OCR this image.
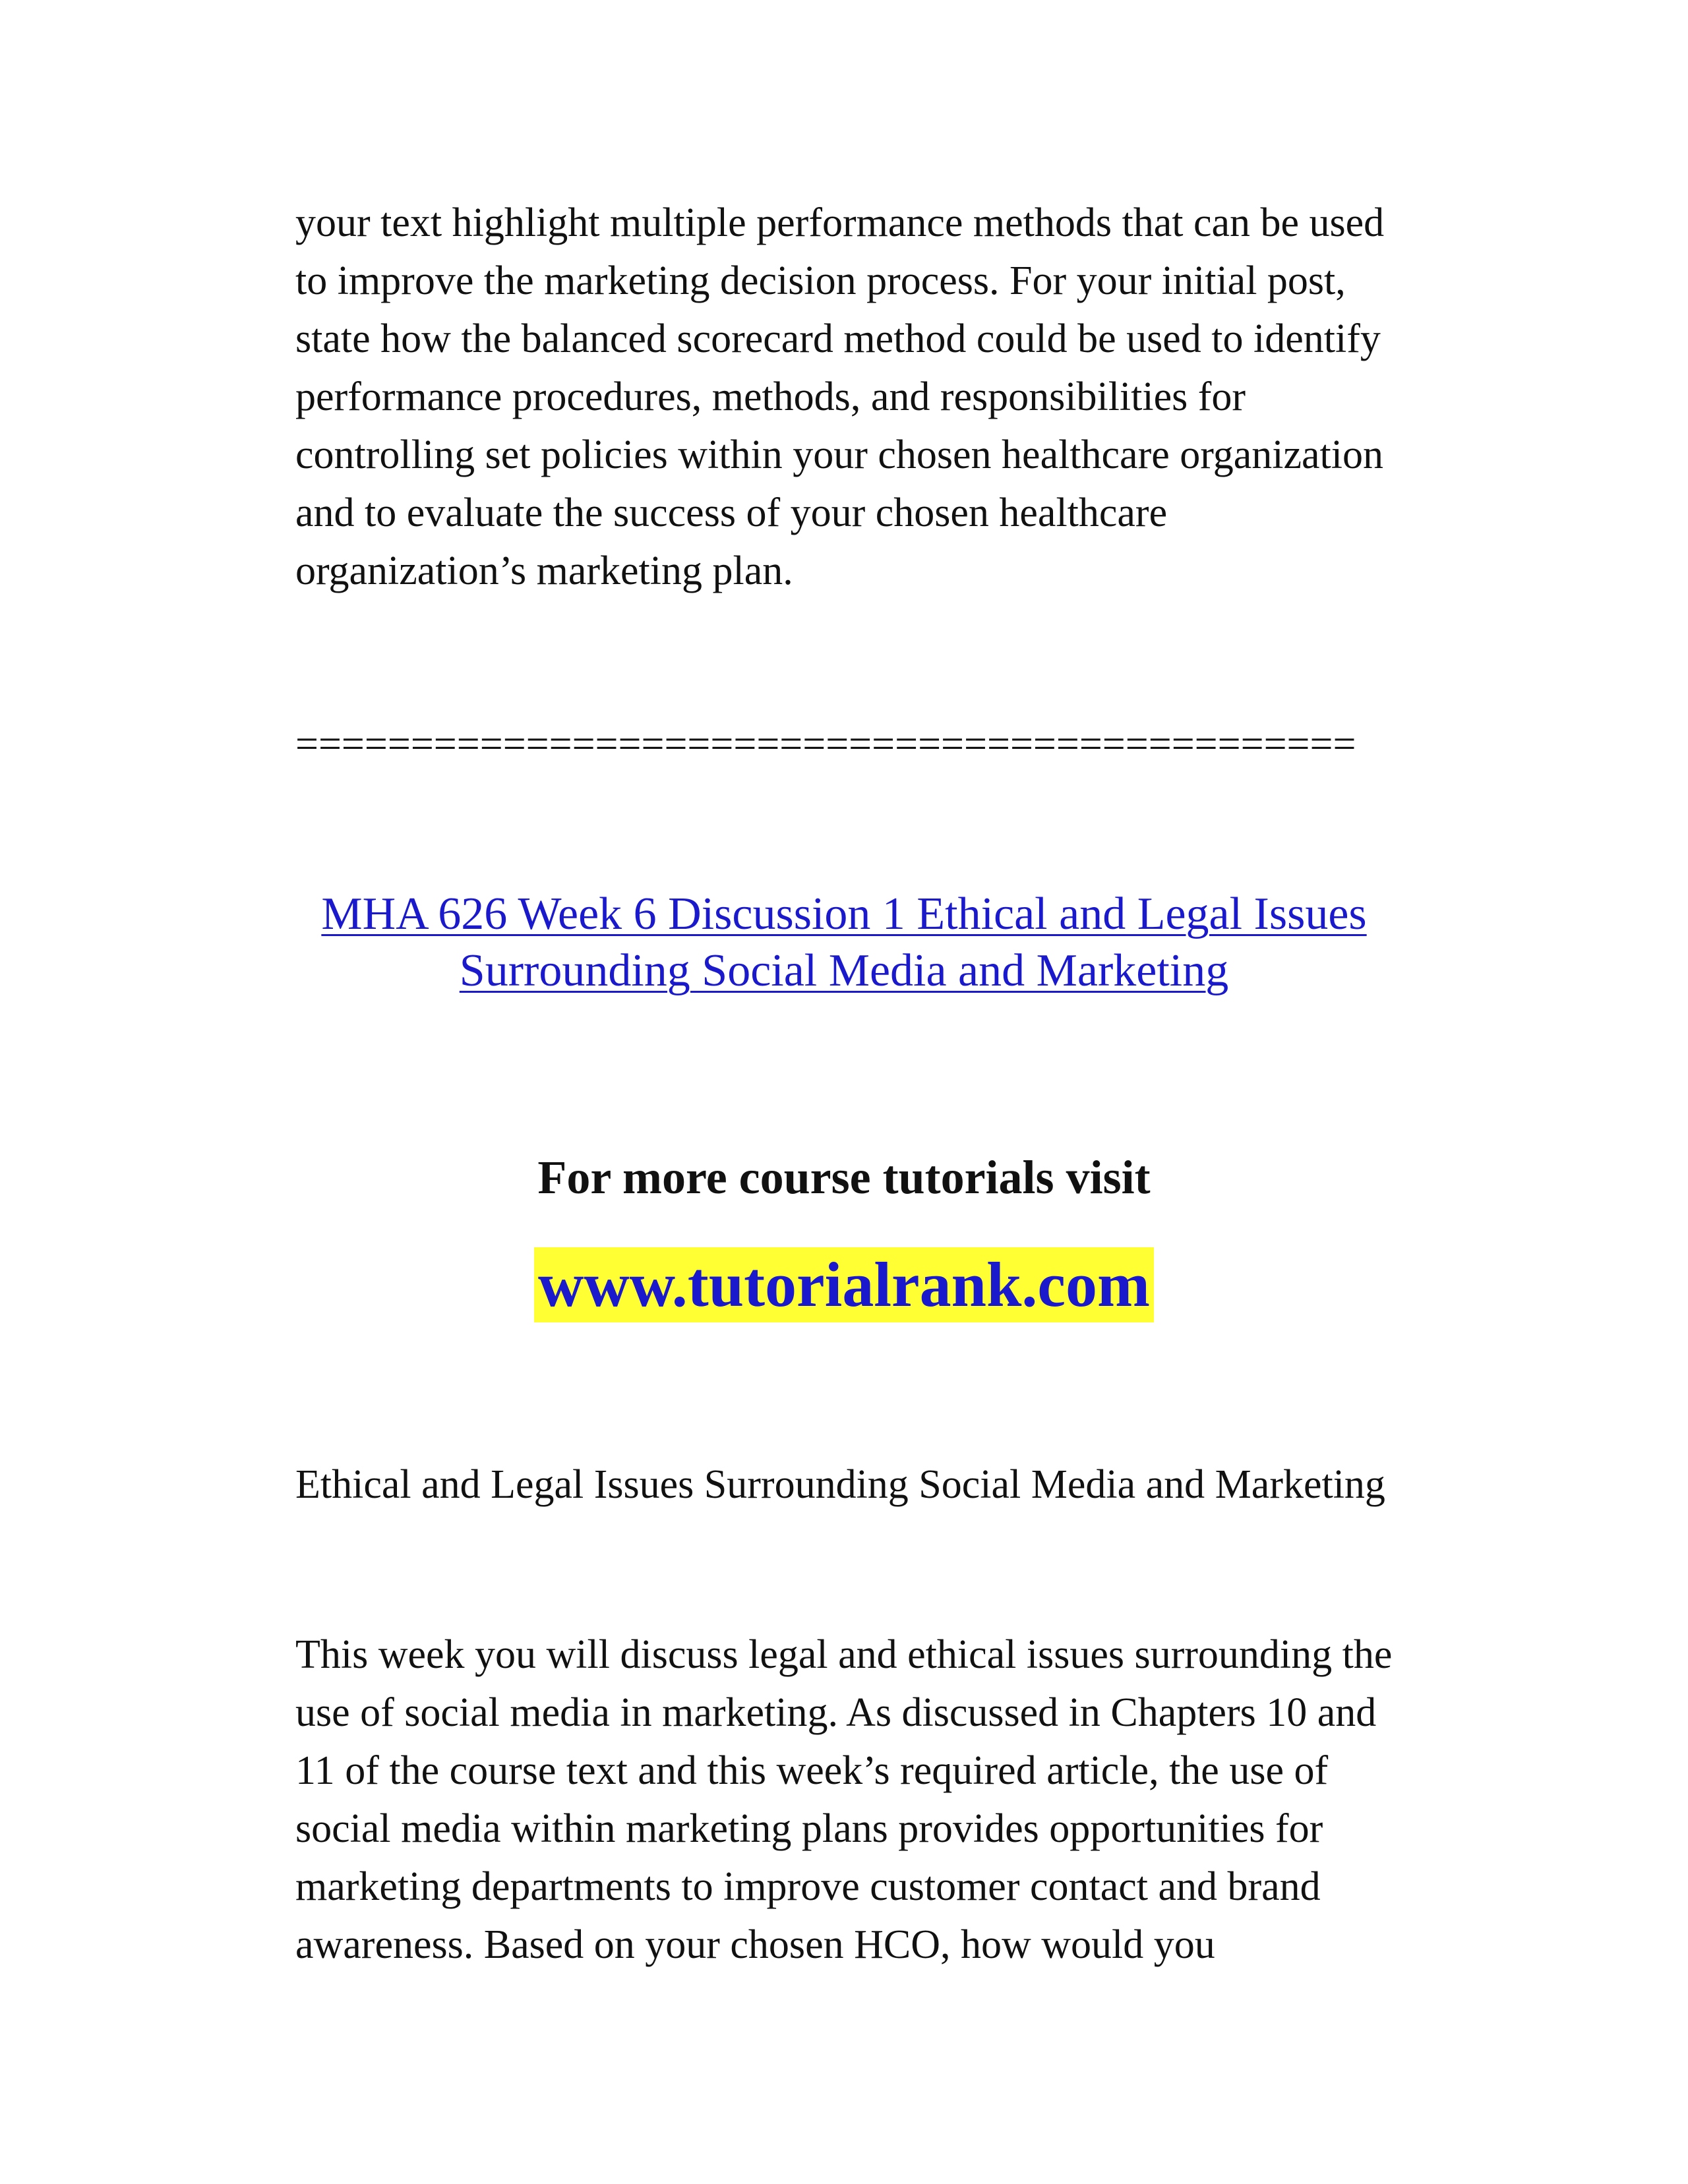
your text highlight multiple performance methods that can be used
to improve the marketing decision process. For your initial post,
state how the balanced scorecard method could be used to identify
performance procedures, methods, and responsibilities for
controlling set policies within your chosen healthcare organization
and to evaluate the success of your chosen healthcare
organization’s marketing plan.
==============================================
MHA 626 Week 6 Discussion 1 Ethical and Legal Issues
Surrounding Social Media and Marketing
For more course tutorials visit
www.tutorialrank.com
Ethical and Legal Issues Surrounding Social Media and Marketing
This week you will discuss legal and ethical issues surrounding the
use of social media in marketing. As discussed in Chapters 10 and
11 of the course text and this week’s required article, the use of
social media within marketing plans provides opportunities for
marketing departments to improve customer contact and brand
awareness. Based on your chosen HCO, how would you
